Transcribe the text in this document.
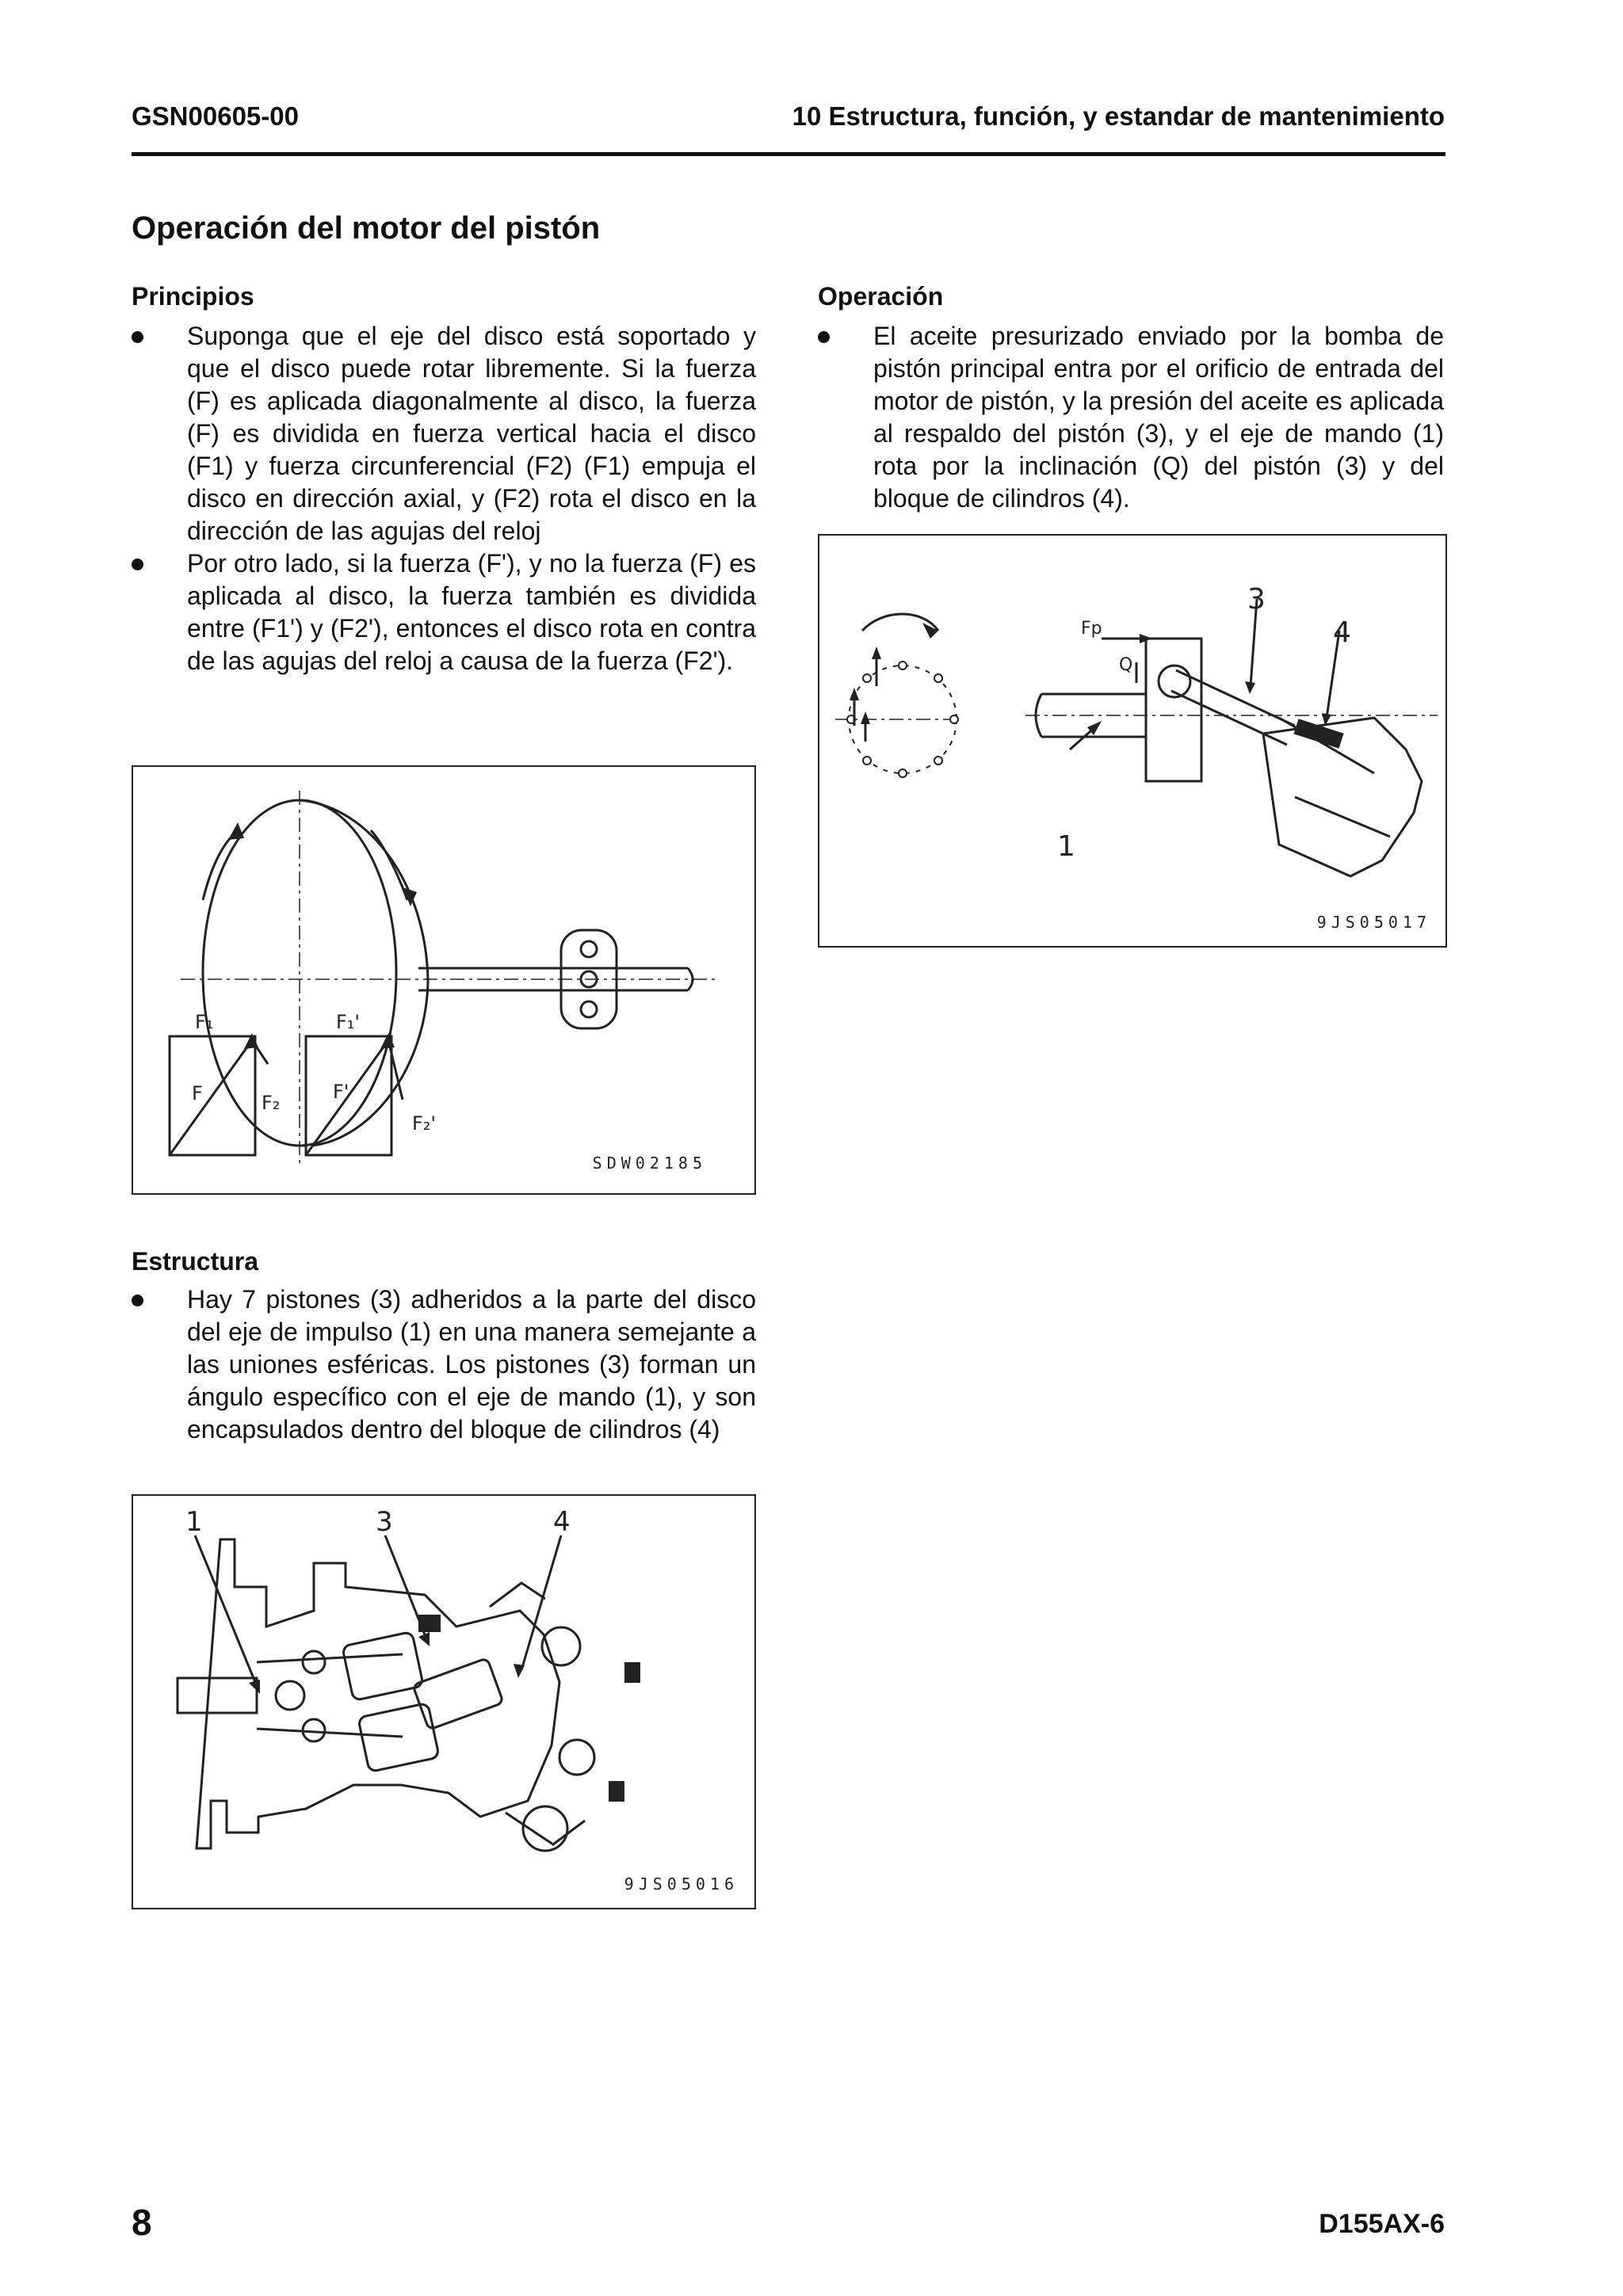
GSN00605-00	10 Estructura, función, y estandar de mantenimiento
Operación del motor del pistón
Principios
Suponga que el eje del disco está soportado y que el disco puede rotar libremente. Si la fuerza (F) es aplicada diagonalmente al disco, la fuerza (F) es dividida en fuerza vertical hacia el disco (F1) y fuerza circunferencial (F2) (F1) empuja el disco en dirección axial, y (F2) rota el disco en la dirección de las agujas del reloj
Por otro lado, si la fuerza (F'), y no la fuerza (F) es aplicada al disco, la fuerza también es dividida entre (F1') y (F2'), entonces el disco rota en contra de las agujas del reloj a causa de la fuerza (F2').
F₁	F₁'
F	F₂	F'
F₂'
SDW02185
Estructura
Hay 7 pistones (3) adheridos a la parte del disco del eje de impulso (1) en una manera semejante a las uniones esféricas. Los pistones (3) forman un ángulo específico con el eje de mando (1), y son encapsulados dentro del bloque de cilindros (4)
1	3	4
9JS05016
Operación
El aceite presurizado enviado por la bomba de pistón principal entra por el orificio de entrada del motor de pistón, y la presión del aceite es aplicada al respaldo del pistón (3), y el eje de mando (1) rota por la inclinación (Q) del pistón (3) y del bloque de cilindros (4).
Fp
Q
1
3
4
9JS05017
8	D155AX-6
